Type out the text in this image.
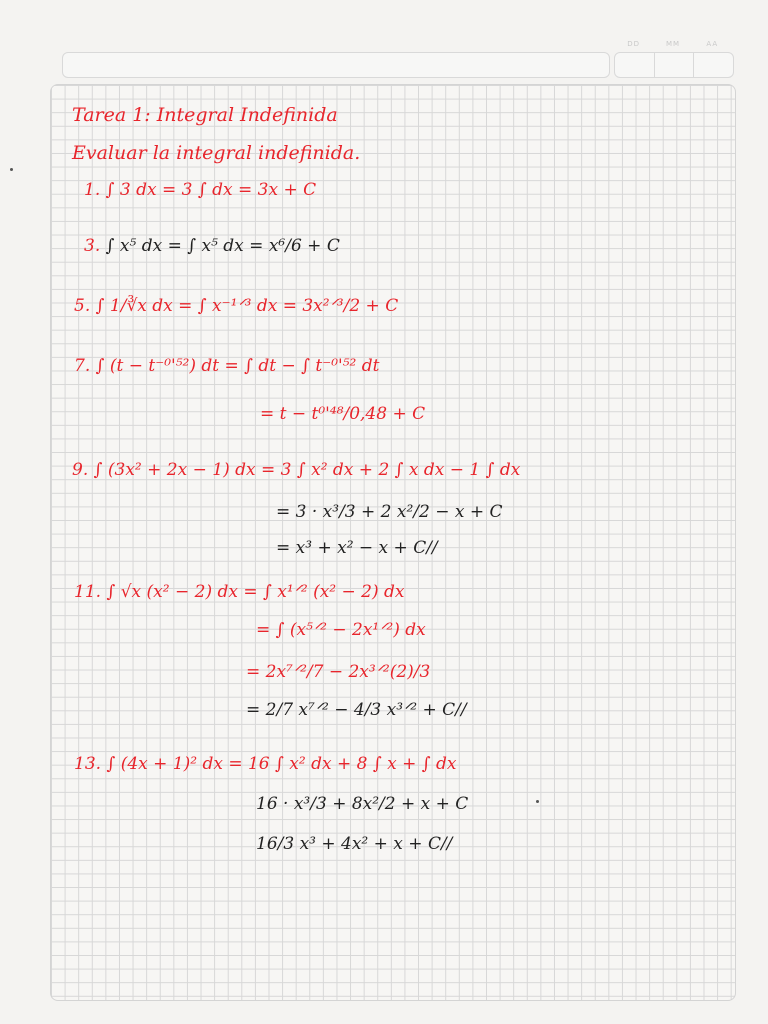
DD	MM	AA
Tarea 1: Integral Indefinida
Evaluar la integral indefinida.
1. ∫ 3 dx = 3 ∫ dx = 3x + C
3. ∫ x⁵ dx = ∫ x⁵ dx = x⁶/6 + C
5. ∫ 1/∛x dx = ∫ x⁻¹ᐟ³ dx = 3x²ᐟ³/2 + C
7. ∫ (t − t⁻⁰'⁵²) dt = ∫ dt − ∫ t⁻⁰'⁵² dt
= t − t⁰'⁴⁸/0,48 + C
9. ∫ (3x² + 2x − 1) dx = 3 ∫ x² dx + 2 ∫ x dx − 1 ∫ dx
= 3 · x³/3 + 2 x²/2 − x + C
= x³ + x² − x + C//
11. ∫ √x (x² − 2) dx = ∫ x¹ᐟ² (x² − 2) dx
= ∫ (x⁵ᐟ² − 2x¹ᐟ²) dx
= 2x⁷ᐟ²/7 − 2x³ᐟ²(2)/3
= 2/7 x⁷ᐟ² − 4/3 x³ᐟ² + C//
13. ∫ (4x + 1)² dx = 16 ∫ x² dx + 8 ∫ x + ∫ dx
16 · x³/3 + 8x²/2 + x + C
16/3 x³ + 4x² + x + C//
